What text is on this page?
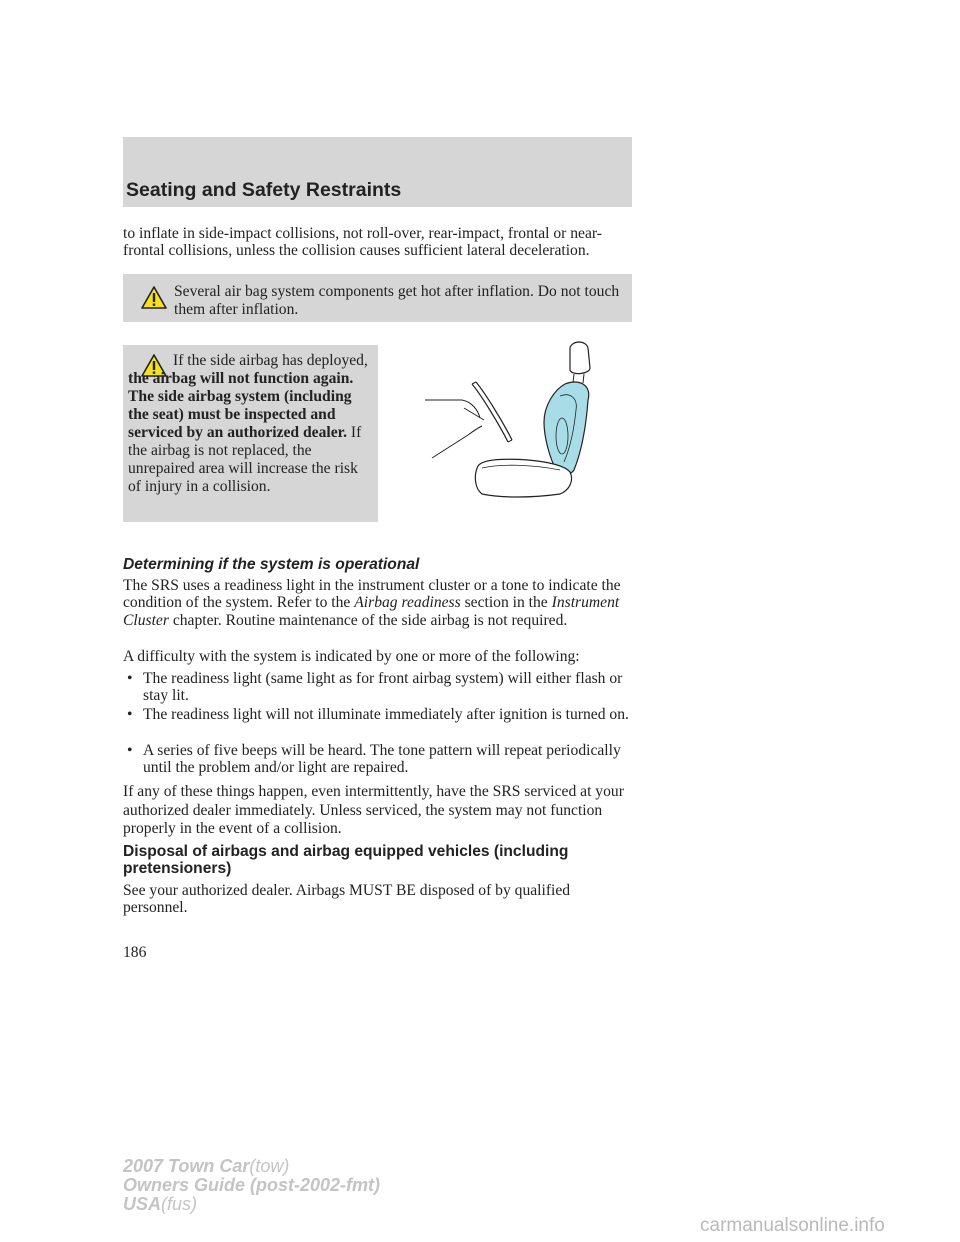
Seating and Safety Restraints

to inflate in side-impact collisions, not roll-over, rear-impact, frontal or near-frontal collisions, unless the collision causes sufficient lateral deceleration.

Several air bag system components get hot after inflation. Do not touch them after inflation.

If the side airbag has deployed, the airbag will not function again. The side airbag system (including the seat) must be inspected and serviced by an authorized dealer. If the airbag is not replaced, the unrepaired area will increase the risk of injury in a collision.

Determining if the system is operational

The SRS uses a readiness light in the instrument cluster or a tone to indicate the condition of the system. Refer to the Airbag readiness section in the Instrument Cluster chapter. Routine maintenance of the side airbag is not required.

A difficulty with the system is indicated by one or more of the following:

• The readiness light (same light as for front airbag system) will either flash or stay lit.
• The readiness light will not illuminate immediately after ignition is turned on.
• A series of five beeps will be heard. The tone pattern will repeat periodically until the problem and/or light are repaired.

If any of these things happen, even intermittently, have the SRS serviced at your authorized dealer immediately. Unless serviced, the system may not function properly in the event of a collision.

Disposal of airbags and airbag equipped vehicles (including pretensioners)

See your authorized dealer. Airbags MUST BE disposed of by qualified personnel.

186

2007 Town Car(tow)
Owners Guide (post-2002-fmt)
USA(fus)

carmanualsonline.info
